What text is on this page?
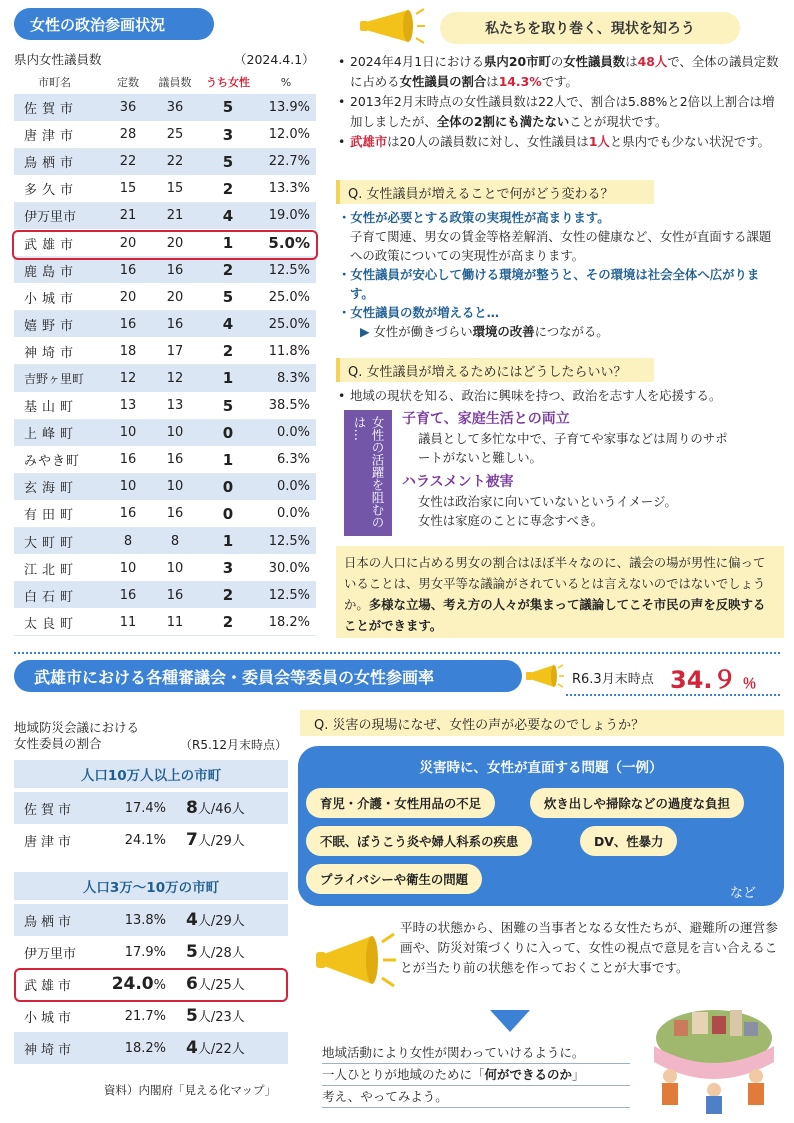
女性の政治参画状況
県内女性議員数	（2024.4.1）
市町名	定数	議員数	うち女性	%
佐賀市	36	36	5	13.9%
唐津市	28	25	3	12.0%
鳥栖市	22	22	5	22.7%
多久市	15	15	2	13.3%
伊万里市	21	21	4	19.0%
武雄市	20	20	1	5.0%
鹿島市	16	16	2	12.5%
小城市	20	20	5	25.0%
嬉野市	16	16	4	25.0%
神埼市	18	17	2	11.8%
吉野ヶ里町	12	12	1	8.3%
基山町	13	13	5	38.5%
上峰町	10	10	0	0.0%
みやき町	16	16	1	6.3%
玄海町	10	10	0	0.0%
有田町	16	16	0	0.0%
大町町	8	8	1	12.5%
江北町	10	10	3	30.0%
白石町	16	16	2	12.5%
太良町	11	11	2	18.2%
私たちを取り巻く、現状を知ろう
• 2024年4月1日における県内20市町の女性議員数は48人で、全体の議員定数に占める女性議員の割合は14.3%です。
• 2013年2月末時点の女性議員数は22人で、割合は5.88%と2倍以上割合は増加しましたが、全体の2割にも満たないことが現状です。
• 武雄市は20人の議員数に対し、女性議員は1人と県内でも少ない状況です。
Q. 女性議員が増えることで何がどう変わる？
・女性が必要とする政策の実現性が高まります。
子育て関連、男女の賃金等格差解消、女性の健康など、女性が直面する課題への政策についての実現性が高まります。
・女性議員が安心して働ける環境が整うと、その環境は社会全体へ広がります。
・女性議員の数が増えると…
▶ 女性が働きづらい環境の改善につながる。
Q. 女性議員が増えるためにはどうしたらいい？
• 地域の現状を知る、政治に興味を持つ、政治を志す人を応援する。
女性の活躍を阻むのは…	子育て、家庭生活との両立
議員として多忙な中で、子育てや家事などは周りのサポートがないと難しい。
ハラスメント被害
女性は政治家に向いていないというイメージ。
女性は家庭のことに専念すべき。
日本の人口に占める男女の割合はほぼ半々なのに、議会の場が男性に偏っていることは、男女平等な議論がされているとは言えないのではないでしょうか。多様な立場、考え方の人々が集まって議論してこそ市民の声を反映することができます。
武雄市における各種審議会・委員会等委員の女性参画率	R6.3月末時点 34.９ ％
地域防災会議における
女性委員の割合	（R5.12月末時点）
人口10万人以上の市町
佐賀市	17.4%	8人/46人
唐津市	24.1%	7人/29人
人口3万～10万の市町
鳥栖市	13.8%	4人/29人
伊万里市	17.9%	5人/28人
武雄市	24.0%	6人/25人
小城市	21.7%	5人/23人
神埼市	18.2%	4人/22人
資料）内閣府「見える化マップ」
Q. 災害の現場になぜ、女性の声が必要なのでしょうか？
災害時に、女性が直面する問題（一例）
育児・介護・女性用品の不足	炊き出しや掃除などの過度な負担
不眠、ぼうこう炎や婦人科系の疾患	DV、性暴力
プライバシーや衛生の問題
など
平時の状態から、困難の当事者となる女性たちが、避難所の運営参画や、防災対策づくりに入って、女性の視点で意見を言い合えることが当たり前の状態を作っておくことが大事です。
地域活動により女性が関わっていけるように。
一人ひとりが地域のために「何ができるのか」
考え、やってみよう。
